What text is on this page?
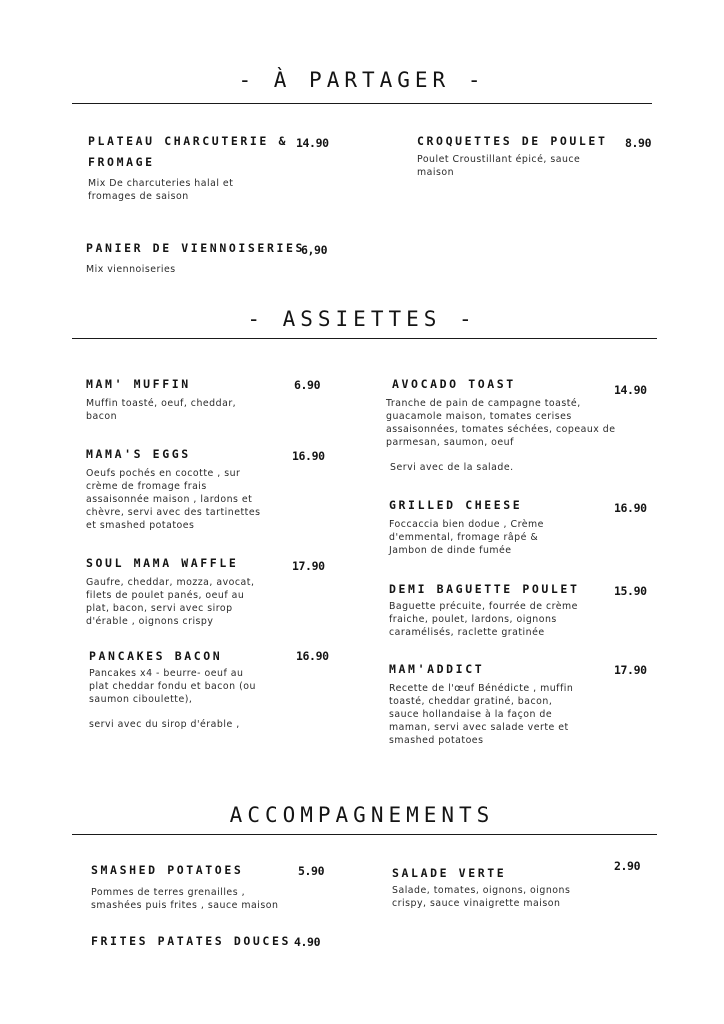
- À PARTAGER -

PLATEAU CHARCUTERIE & FROMAGE

Mix De charcuteries halal et
fromages de saison

14.90	CROQUETTES DE POULET

Poulet Croustillant épicé, sauce
maison

8.90

PANIER DE VIENNOISERIES

Mix viennoiseries

6,90
- ASSIETTES -

MAM' MUFFIN

Muffin toasté, oeuf, cheddar,
bacon

6.90

MAMA'S EGGS

Oeufs pochés en cocotte , sur
crème de fromage frais
assaisonnée maison , lardons et
chèvre, servi avec des tartinettes
et smashed potatoes

16.90

SOUL MAMA WAFFLE

Gaufre, cheddar, mozza, avocat,
filets de poulet panés, oeuf au
plat, bacon, servi avec sirop
d'érable , oignons crispy

17.90

PANCAKES BACON

Pancakes x4 - beurre- oeuf au
plat cheddar fondu et bacon (ou
saumon ciboulette),

servi avec du sirop d'érable ,

16.90

AVOCADO TOAST

Tranche de pain de campagne toasté,
guacamole maison, tomates cerises
assaisonnées, tomates séchées, copeaux de
parmesan, saumon, oeuf

Servi avec de la salade.

14.90

GRILLED CHEESE

Foccaccia bien dodue , Crème
d'emmental, fromage râpé &
Jambon de dinde fumée

16.90

DEMI BAGUETTE POULET

Baguette précuite, fourrée de crème
fraiche, poulet, lardons, oignons
caramélisés, raclette gratinée

15.90

MAM'ADDICT

Recette de l'œuf Bénédicte , muffin
toasté, cheddar gratiné, bacon,
sauce hollandaise à la façon de
maman, servi avec salade verte et
smashed potatoes

17.90
ACCOMPAGNEMENTS

SMASHED POTATOES

Pommes de terres grenailles ,
smashées puis frites , sauce maison

5.90	SALADE VERTE

Salade, tomates, oignons, oignons
crispy, sauce vinaigrette maison

2.90

FRITES PATATES DOUCES 4.90
